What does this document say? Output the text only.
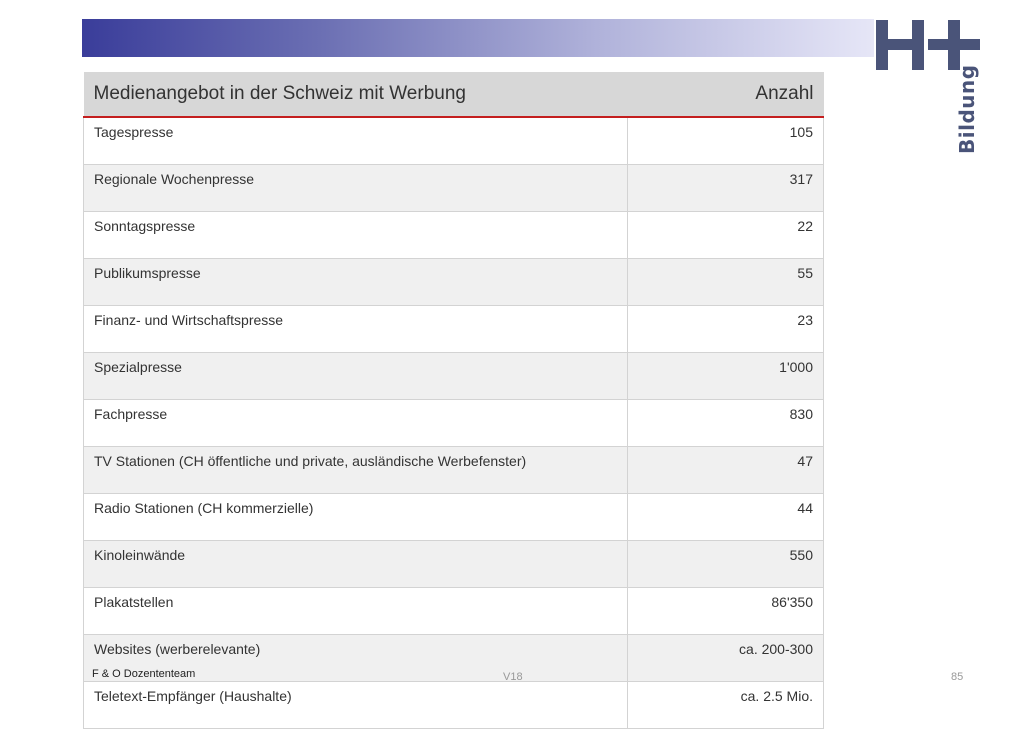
Bildung
Medienangebot in der Schweiz mit Werbung	Anzahl
Tagespresse	105
Regionale Wochenpresse	317
Sonntagspresse	22
Publikumspresse	55
Finanz- und Wirtschaftspresse	23
Spezialpresse	1'000
Fachpresse	830
TV Stationen (CH öffentliche und private, ausländische Werbefenster)	47
Radio Stationen (CH kommerzielle)	44
Kinoleinwände	550
Plakatstellen	86'350
Websites (werberelevante)	ca. 200-300
Teletext-Empfänger (Haushalte)	ca. 2.5 Mio.
F & O Dozententeam	V18	85
